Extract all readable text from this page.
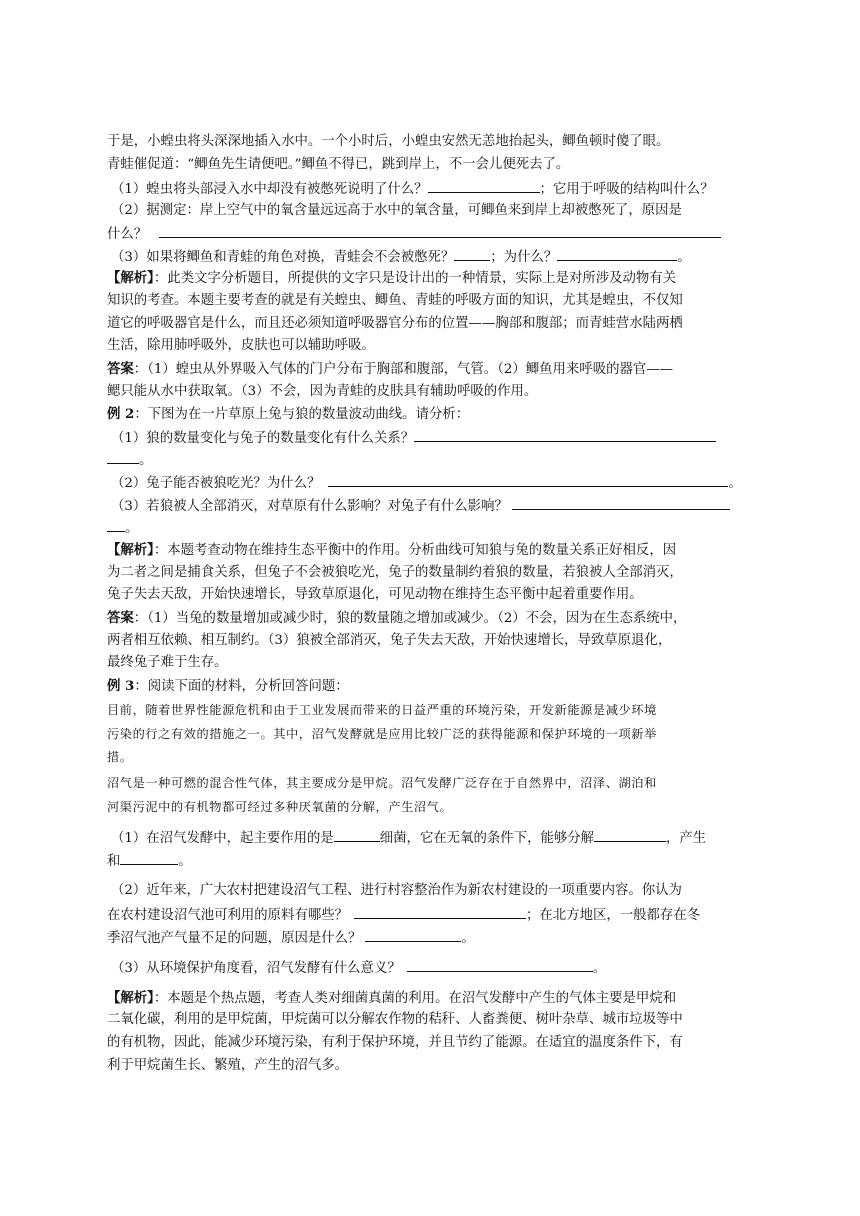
于是，小蝗虫将头深深地插入水中。一个小时后，小蝗虫安然无恙地抬起头，鲫鱼顿时傻了眼。
青蛙催促道：“鲫鱼先生请便吧。”鲫鱼不得已，跳到岸上，不一会儿便死去了。
（1）蝗虫将头部浸入水中却没有被憋死说明了什么？	；它用于呼吸的结构叫什么？
（2）据测定：岸上空气中的氧含量远远高于水中的氧含量，可鲫鱼来到岸上却被憋死了，原因是
什么？
（3）如果将鲫鱼和青蛙的角色对换，青蛙会不会被憋死？	；为什么？	。
【解析】：此类文字分析题目，所提供的文字只是设计出的一种情景，实际上是对所涉及动物有关
知识的考查。本题主要考查的就是有关蝗虫、鲫鱼、青蛙的呼吸方面的知识，尤其是蝗虫，不仅知
道它的呼吸器官是什么，而且还必须知道呼吸器官分布的位置——胸部和腹部；而青蛙营水陆两栖
生活，除用肺呼吸外，皮肤也可以辅助呼吸。
答案：（1）蝗虫从外界吸入气体的门户分布于胸部和腹部，气管。（2）鲫鱼用来呼吸的器官——
鳃只能从水中获取氧。（3）不会，因为青蛙的皮肤具有辅助呼吸的作用。
例 2：下图为在一片草原上兔与狼的数量波动曲线。请分析：
（1）狼的数量变化与兔子的数量变化有什么关系？
。
（2）兔子能否被狼吃光？为什么？	。
（3）若狼被人全部消灭，对草原有什么影响？对兔子有什么影响？
。
【解析】：本题考查动物在维持生态平衡中的作用。分析曲线可知狼与兔的数量关系正好相反，因
为二者之间是捕食关系，但兔子不会被狼吃光，兔子的数量制约着狼的数量，若狼被人全部消灭，
兔子失去天敌，开始快速增长，导致草原退化，可见动物在维持生态平衡中起着重要作用。
答案：（1）当兔的数量增加或减少时，狼的数量随之增加或减少。（2）不会，因为在生态系统中，
两者相互依赖、相互制约。（3）狼被全部消灭，兔子失去天敌，开始快速增长，导致草原退化，
最终兔子难于生存。
例 3：阅读下面的材料，分析回答问题：
目前，随着世界性能源危机和由于工业发展而带来的日益严重的环境污染，开发新能源是减少环境
污染的行之有效的措施之一。其中，沼气发酵就是应用比较广泛的获得能源和保护环境的一项新举
措。
沼气是一种可燃的混合性气体，其主要成分是甲烷。沼气发酵广泛存在于自然界中，沼泽、湖泊和
河渠污泥中的有机物都可经过多种厌氧菌的分解，产生沼气。
（1）在沼气发酵中，起主要作用的是	细菌，它在无氧的条件下，能够分解	，产生
和	。
（2）近年来，广大农村把建设沼气工程、进行村容整治作为新农村建设的一项重要内容。你认为
在农村建设沼气池可利用的原料有哪些？	；在北方地区，一般都存在冬
季沼气池产气量不足的问题，原因是什么？	。
（3）从环境保护角度看，沼气发酵有什么意义？	。
【解析】：本题是个热点题，考查人类对细菌真菌的利用。在沼气发酵中产生的气体主要是甲烷和
二氧化碳，利用的是甲烷菌，甲烷菌可以分解农作物的秸秆、人畜粪便、树叶杂草、城市垃圾等中
的有机物，因此，能减少环境污染，有利于保护环境，并且节约了能源。在适宜的温度条件下，有
利于甲烷菌生长、繁殖，产生的沼气多。
